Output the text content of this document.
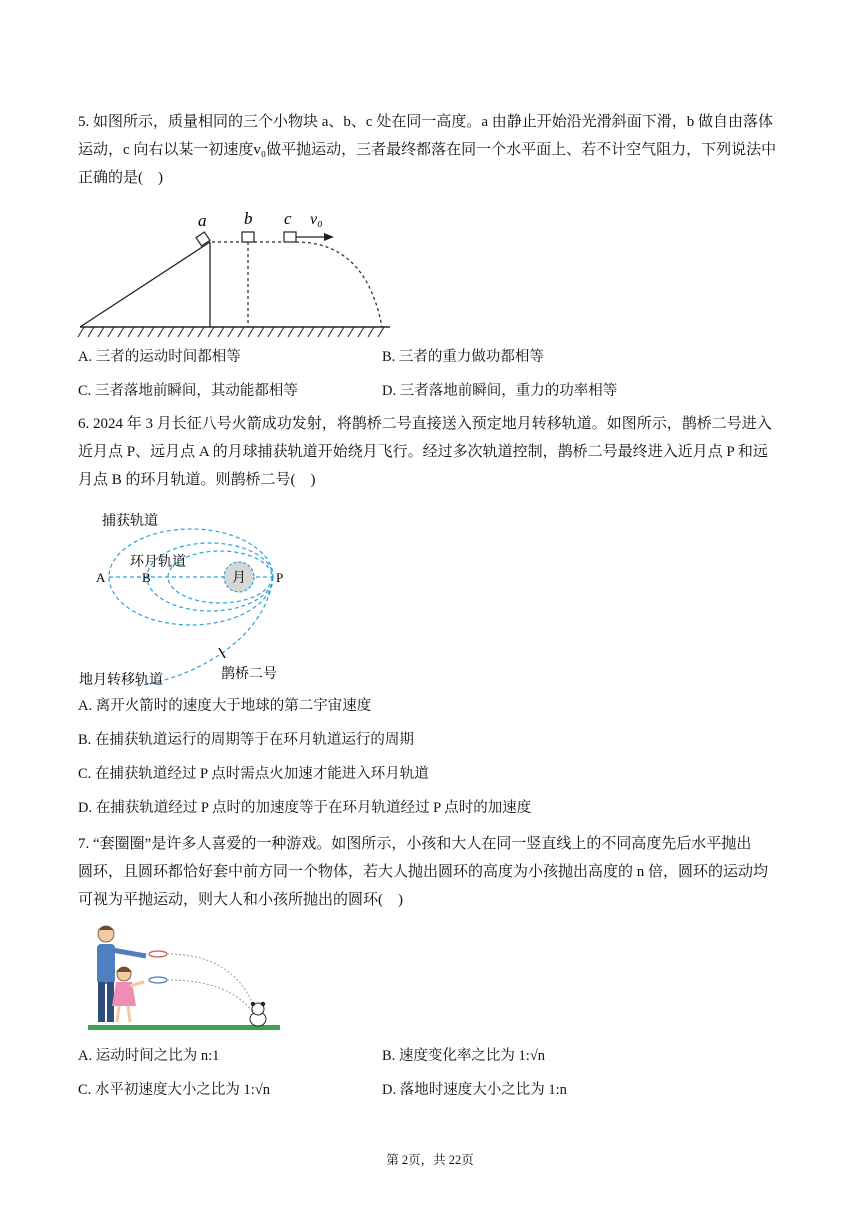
5. 如图所示，质量相同的三个小物块 a、b、c 处在同一高度。a 由静止开始沿光滑斜面下滑，b 做自由落体
运动，c 向右以某一初速度v₀做平抛运动，三者最终都落在同一个水平面上、若不计空气阻力，下列说法中
正确的是(    )
a b c v₀
A. 三者的运动时间都相等	B. 三者的重力做功都相等
C. 三者落地前瞬间，其动能都相等	D. 三者落地前瞬间，重力的功率相等
6. 2024 年 3 月长征八号火箭成功发射，将鹊桥二号直接送入预定地月转移轨道。如图所示，鹊桥二号进入
近月点 P、远月点 A 的月球捕获轨道开始绕月飞行。经过多次轨道控制，鹊桥二号最终进入近月点 P 和远
月点 B 的环月轨道。则鹊桥二号(    )
捕获轨道
环月轨道
月
A	B	P
地月转移轨道	鹊桥二号
A. 离开火箭时的速度大于地球的第二宇宙速度
B. 在捕获轨道运行的周期等于在环月轨道运行的周期
C. 在捕获轨道经过 P 点时需点火加速才能进入环月轨道
D. 在捕获轨道经过 P 点时的加速度等于在环月轨道经过 P 点时的加速度
7. “套圈圈”是许多人喜爱的一种游戏。如图所示，小孩和大人在同一竖直线上的不同高度先后水平抛出
圆环，且圆环都恰好套中前方同一个物体，若大人抛出圆环的高度为小孩抛出高度的 n 倍，圆环的运动均
可视为平抛运动，则大人和小孩所抛出的圆环(    )
A. 运动时间之比为 n:1	B. 速度变化率之比为 1:√n
C. 水平初速度大小之比为 1:√n	D. 落地时速度大小之比为 1:n
第 2页，共 22页
